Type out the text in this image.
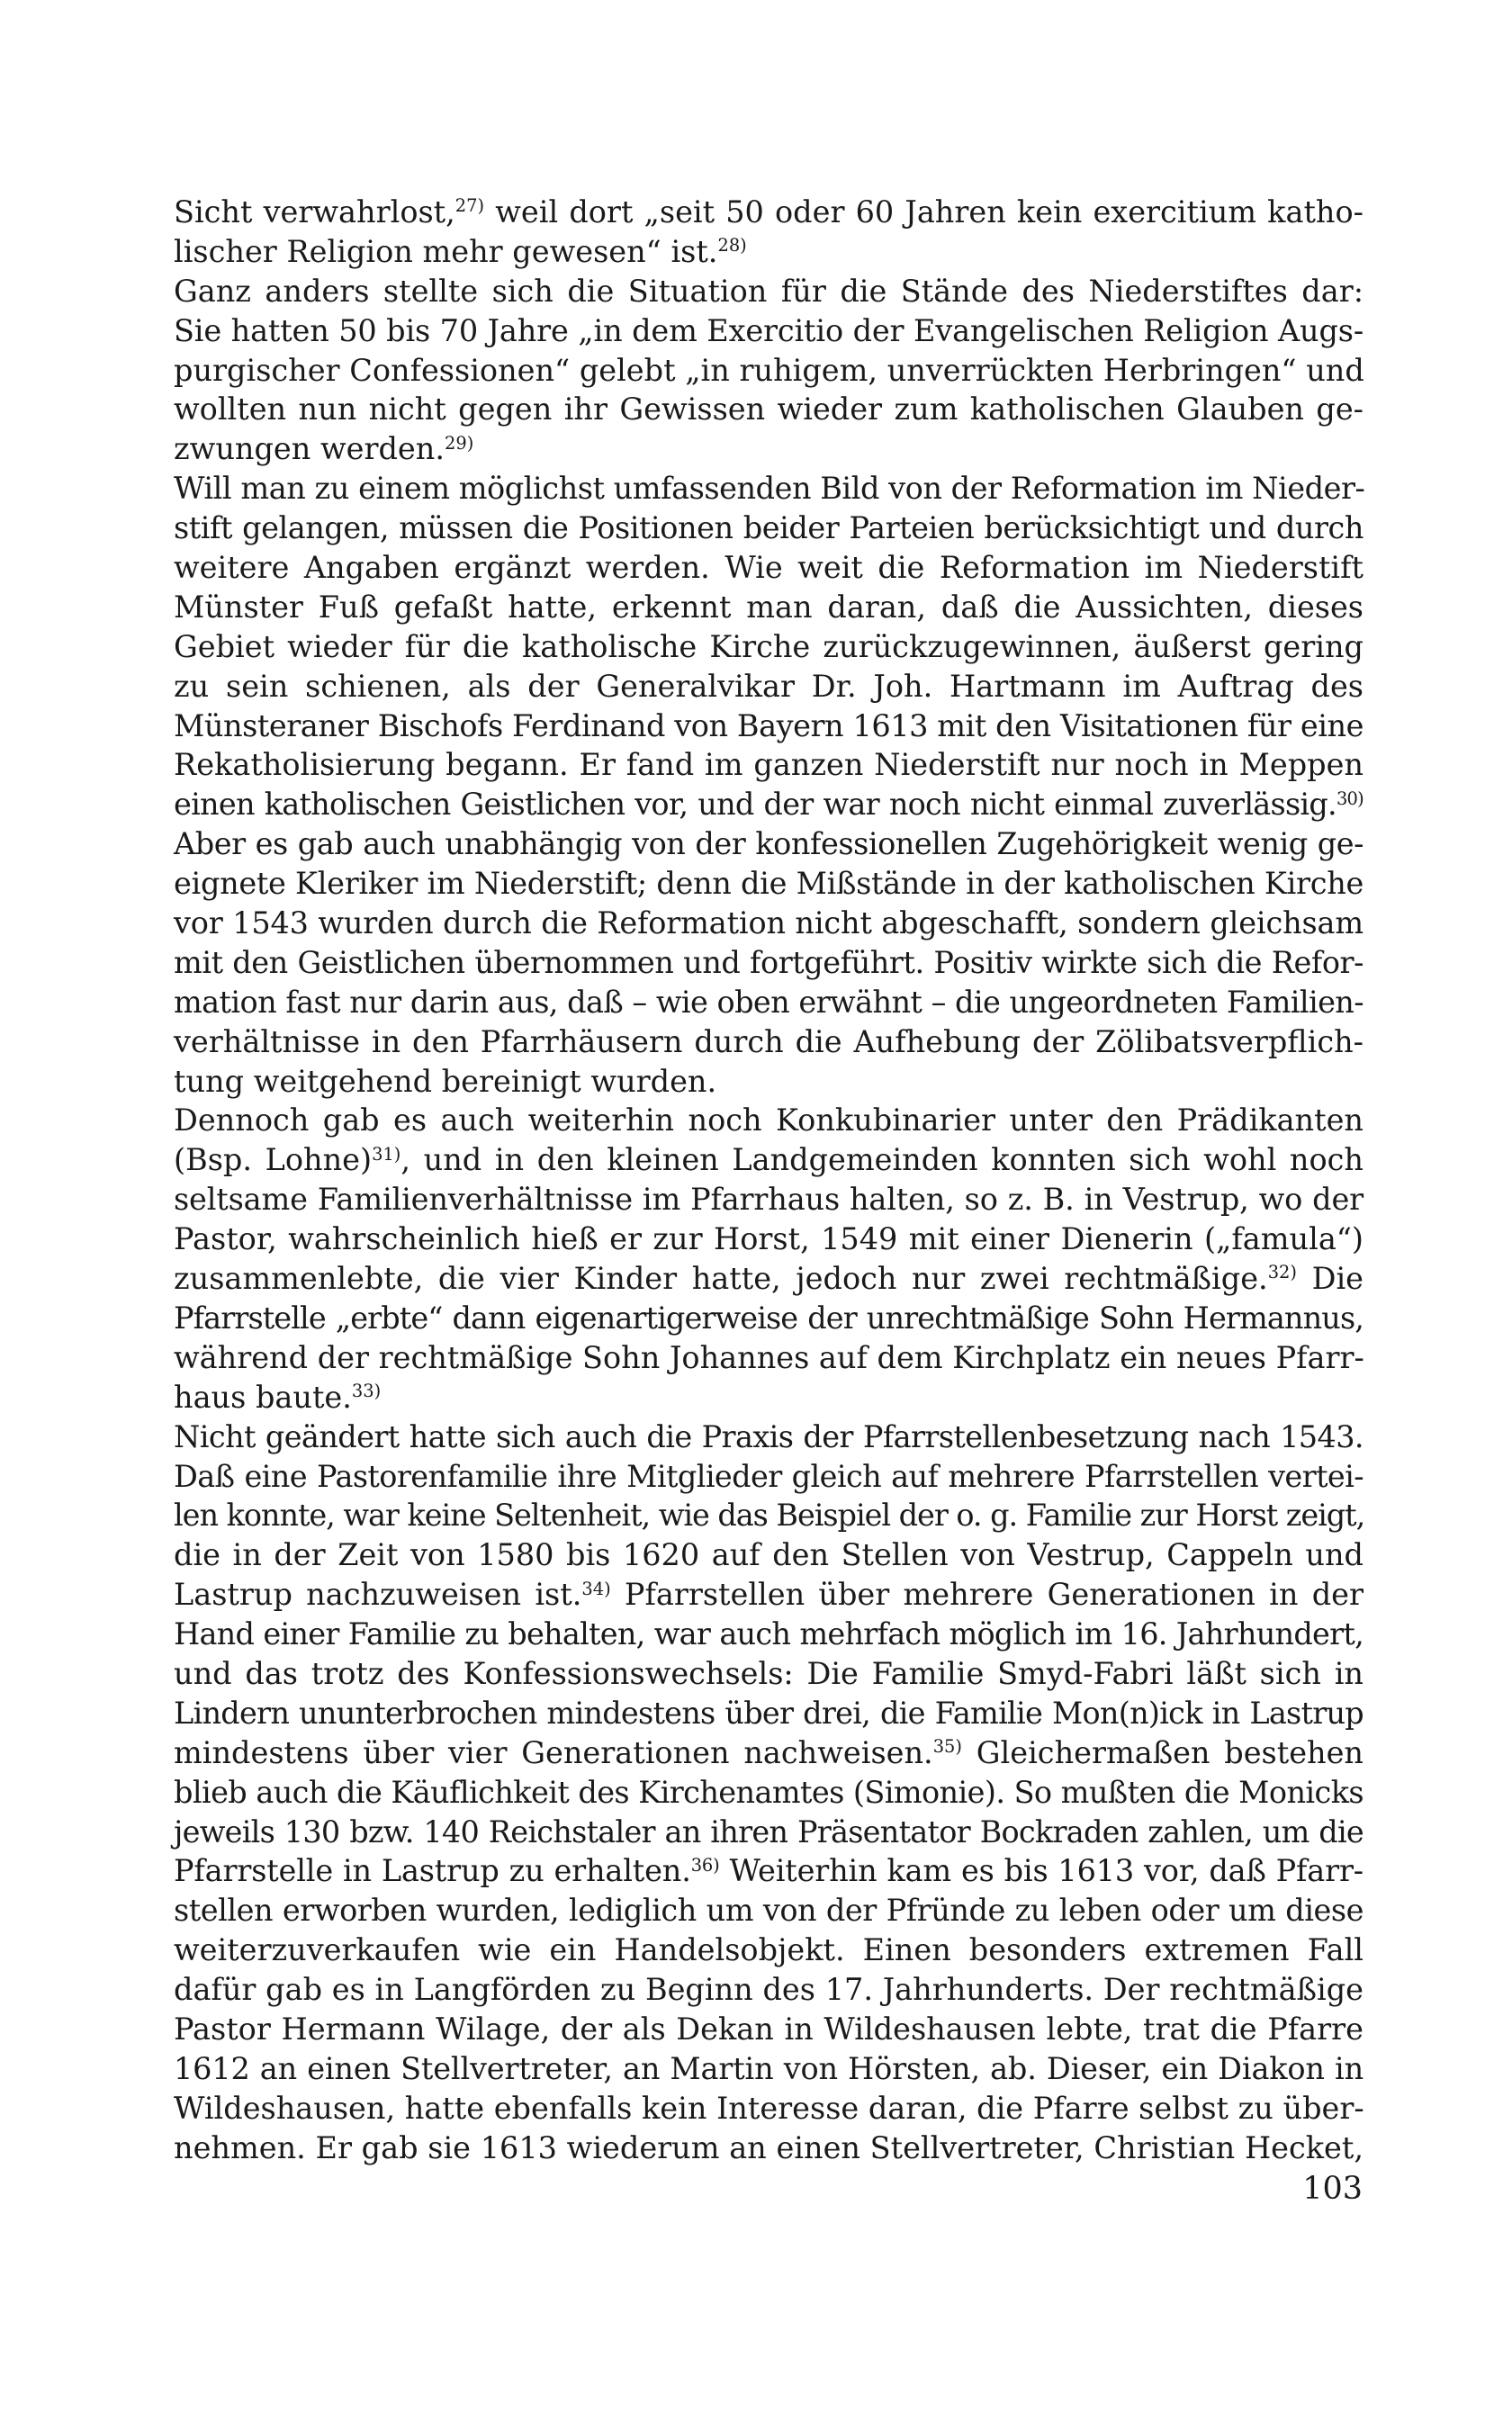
Sicht verwahrlost,$^{27)}$ weil dort „seit 50 oder 60 Jahren kein exercitium katho-
lischer Religion mehr gewesen“ ist.$^{28)}$
Ganz anders stellte sich die Situation für die Stände des Niederstiftes dar:
Sie hatten 50 bis 70 Jahre „in dem Exercitio der Evangelischen Religion Augs-
purgischer Confessionen“ gelebt „in ruhigem, unverrückten Herbringen“ und
wollten nun nicht gegen ihr Gewissen wieder zum katholischen Glauben ge-
zwungen werden.$^{29)}$
Will man zu einem möglichst umfassenden Bild von der Reformation im Nieder-
stift gelangen, müssen die Positionen beider Parteien berücksichtigt und durch
weitere Angaben ergänzt werden. Wie weit die Reformation im Niederstift
Münster Fuß gefaßt hatte, erkennt man daran, daß die Aussichten, dieses
Gebiet wieder für die katholische Kirche zurückzugewinnen, äußerst gering
zu sein schienen, als der Generalvikar Dr. Joh. Hartmann im Auftrag des
Münsteraner Bischofs Ferdinand von Bayern 1613 mit den Visitationen für eine
Rekatholisierung begann. Er fand im ganzen Niederstift nur noch in Meppen
einen katholischen Geistlichen vor, und der war noch nicht einmal zuverlässig.$^{30)}$
Aber es gab auch unabhängig von der konfessionellen Zugehörigkeit wenig ge-
eignete Kleriker im Niederstift; denn die Mißstände in der katholischen Kirche
vor 1543 wurden durch die Reformation nicht abgeschafft, sondern gleichsam
mit den Geistlichen übernommen und fortgeführt. Positiv wirkte sich die Refor-
mation fast nur darin aus, daß – wie oben erwähnt – die ungeordneten Familien-
verhältnisse in den Pfarrhäusern durch die Aufhebung der Zölibatsverpflich-
tung weitgehend bereinigt wurden.
Dennoch gab es auch weiterhin noch Konkubinarier unter den Prädikanten
(Bsp. Lohne)$^{31)}$, und in den kleinen Landgemeinden konnten sich wohl noch
seltsame Familienverhältnisse im Pfarrhaus halten, so z. B. in Vestrup, wo der
Pastor, wahrscheinlich hieß er zur Horst, 1549 mit einer Dienerin („famula“)
zusammenlebte, die vier Kinder hatte, jedoch nur zwei rechtmäßige.$^{32)}$ Die
Pfarrstelle „erbte“ dann eigenartigerweise der unrechtmäßige Sohn Hermannus,
während der rechtmäßige Sohn Johannes auf dem Kirchplatz ein neues Pfarr-
haus baute.$^{33)}$
Nicht geändert hatte sich auch die Praxis der Pfarrstellenbesetzung nach 1543.
Daß eine Pastorenfamilie ihre Mitglieder gleich auf mehrere Pfarrstellen vertei-
len konnte, war keine Seltenheit, wie das Beispiel der o. g. Familie zur Horst zeigt,
die in der Zeit von 1580 bis 1620 auf den Stellen von Vestrup, Cappeln und
Lastrup nachzuweisen ist.$^{34)}$ Pfarrstellen über mehrere Generationen in der
Hand einer Familie zu behalten, war auch mehrfach möglich im 16. Jahrhundert,
und das trotz des Konfessionswechsels: Die Familie Smyd-Fabri läßt sich in
Lindern ununterbrochen mindestens über drei, die Familie Mon(n)ick in Lastrup
mindestens über vier Generationen nachweisen.$^{35)}$ Gleichermaßen bestehen
blieb auch die Käuflichkeit des Kirchenamtes (Simonie). So mußten die Monicks
jeweils 130 bzw. 140 Reichstaler an ihren Präsentator Bockraden zahlen, um die
Pfarrstelle in Lastrup zu erhalten.$^{36)}$ Weiterhin kam es bis 1613 vor, daß Pfarr-
stellen erworben wurden, lediglich um von der Pfründe zu leben oder um diese
weiterzuverkaufen wie ein Handelsobjekt. Einen besonders extremen Fall
dafür gab es in Langförden zu Beginn des 17. Jahrhunderts. Der rechtmäßige
Pastor Hermann Wilage, der als Dekan in Wildeshausen lebte, trat die Pfarre
1612 an einen Stellvertreter, an Martin von Hörsten, ab. Dieser, ein Diakon in
Wildeshausen, hatte ebenfalls kein Interesse daran, die Pfarre selbst zu über-
nehmen. Er gab sie 1613 wiederum an einen Stellvertreter, Christian Hecket,
103
